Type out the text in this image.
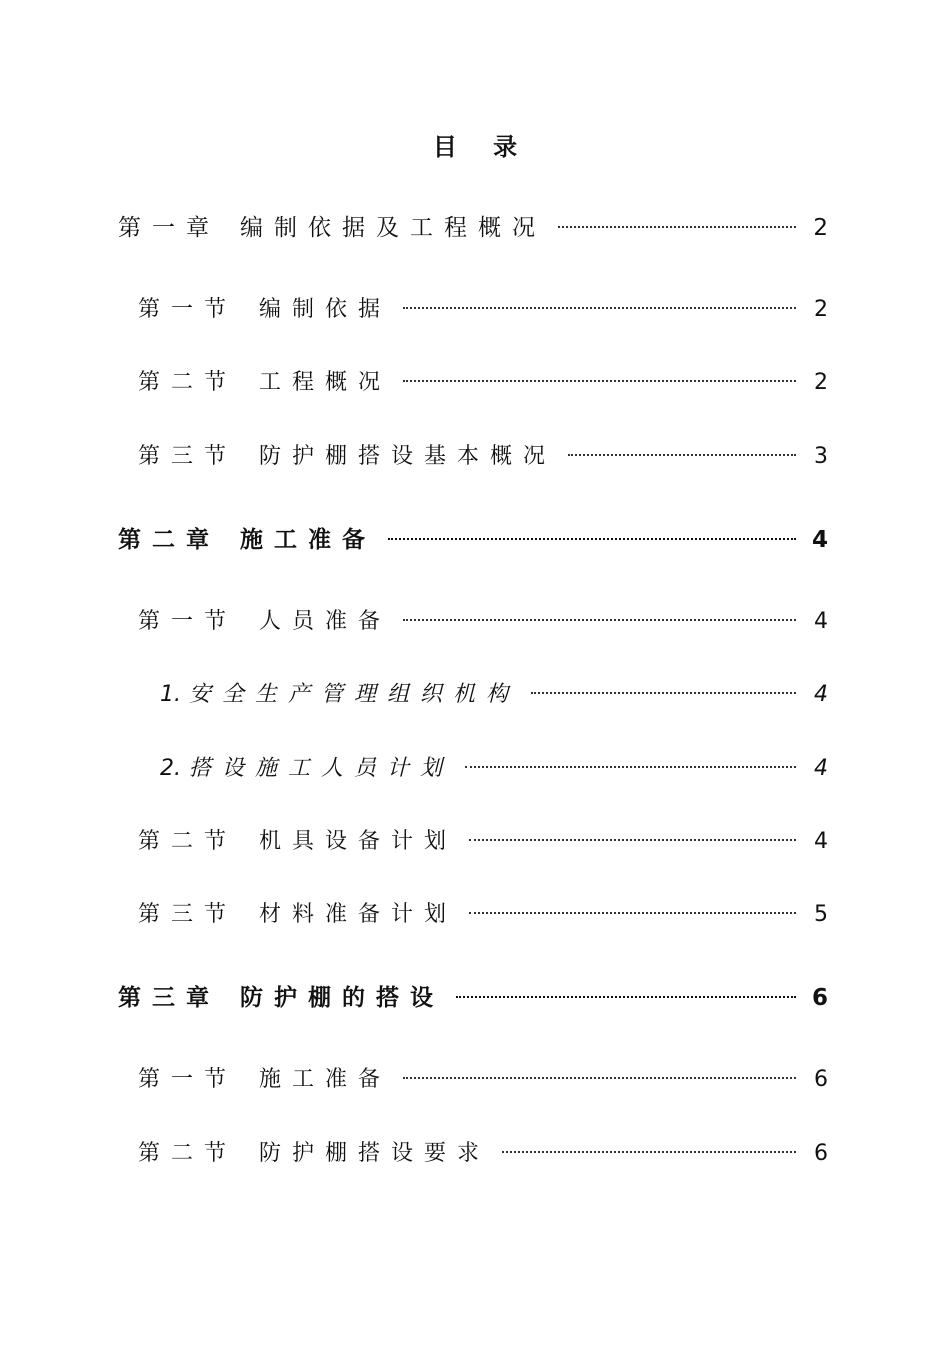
目 录
第一章 编制依据及工程概况	2
第一节 编制依据	2
第二节 工程概况	2
第三节 防护棚搭设基本概况	3
第二章 施工准备	4
第一节 人员准备	4
1. 安全生产管理组织机构	4
2. 搭设施工人员计划	4
第二节 机具设备计划	4
第三节 材料准备计划	5
第三章 防护棚的搭设	6
第一节 施工准备	6
第二节 防护棚搭设要求	6
